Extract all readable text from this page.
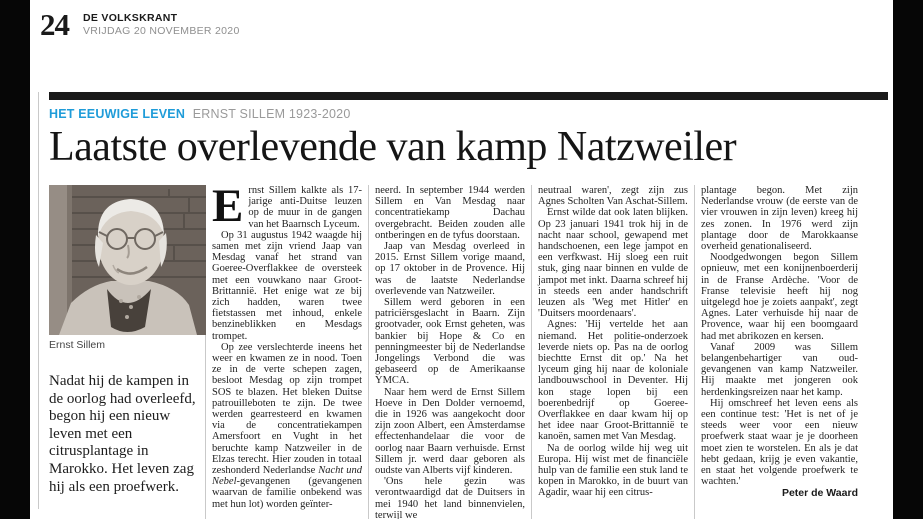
24 DE VOLKSKRANT
VRIJDAG 20 NOVEMBER 2020
HET EEUWIGE LEVEN ERNST SILLEM 1923-2020
Laatste overlevende van kamp Natzweiler
Ernst Sillem
Nadat hij de kampen in de oorlog had overleefd, begon hij een nieuw leven met een citrusplantage in Marokko. Het leven zag hij als een proefwerk.

Ernst Sillem kalkte als 17-jarige anti-Duitse leuzen op de muur in de gangen van het Baarnsch Lyceum.

Op 31 augustus 1942 waagde hij samen met zijn vriend Jaap van Mesdag vanaf het strand van Goeree-Overflakkee de oversteek met een vouwkano naar Groot-Brittannië. Het enige wat ze bij zich hadden, waren twee fietstassen met inhoud, enkele benzineblikken en Mesdags trompet.

Op zee verslechterde ineens het weer en kwamen ze in nood. Toen ze in de verte schepen zagen, besloot Mesdag op zijn trompet SOS te blazen. Het bleken Duitse patrouilleboten te zijn. De twee werden gearresteerd en kwamen via de concentratiekampen Amersfoort en Vught in het beruchte kamp Natzweiler in de Elzas terecht. Hier zouden in totaal zeshonderd Nederlandse Nacht und Nebel-gevangenen (gevangenen waarvan de familie onbekend was met hun lot) worden geïnter-

neerd. In september 1944 werden Sillem en Van Mesdag naar concentratiekamp Dachau overgebracht. Beiden zouden alle ontberingen en de tyfus doorstaan.

Jaap van Mesdag overleed in 2015. Ernst Sillem vorige maand, op 17 oktober in de Provence. Hij was de laatste Nederlandse overlevende van Natzweiler.

Sillem werd geboren in een patriciërsgeslacht in Baarn. Zijn grootvader, ook Ernst geheten, was bankier bij Hope & Co en penningmeester bij de Nederlandse Jongelings Verbond die was gebaseerd op de Amerikaanse YMCA.

Naar hem werd de Ernst Sillem Hoeve in Den Dolder vernoemd, die in 1926 was aangekocht door zijn zoon Albert, een Amsterdamse effectenhandelaar die voor de oorlog naar Baarn verhuisde. Ernst Sillem jr. werd daar geboren als oudste van Alberts vijf kinderen.

'Ons hele gezin was verontwaardigd dat de Duitsers in mei 1940 het land binnenvielen, terwijl we

neutraal waren', zegt zijn zus Agnes Scholten Van Aschat-Sillem.

Ernst wilde dat ook laten blijken. Op 23 januari 1941 trok hij in de nacht naar school, gewapend met handschoenen, een lege jampot en een verfkwast. Hij sloeg een ruit stuk, ging naar binnen en vulde de jampot met inkt. Daarna schreef hij in steeds een ander handschrift leuzen als 'Weg met Hitler' en 'Duitsers moordenaars'.

Agnes: 'Hij vertelde het aan niemand. Het politie-onderzoek leverde niets op. Pas na de oorlog biechtte Ernst dit op.' Na het lyceum ging hij naar de koloniale landbouwschool in Deventer. Hij kon stage lopen bij een boerenbedrijf op Goeree-Overflakkee en daar kwam hij op het idee naar Groot-Brittannië te kanoën, samen met Van Mesdag.

Na de oorlog wilde hij weg uit Europa. Hij wist met de financiële hulp van de familie een stuk land te kopen in Marokko, in de buurt van Agadir, waar hij een citrus-

plantage begon. Met zijn Nederlandse vrouw (de eerste van de vier vrouwen in zijn leven) kreeg hij zes zonen. In 1976 werd zijn plantage door de Marokkaanse overheid genationaliseerd.

Noodgedwongen begon Sillem opnieuw, met een konijnenboerderij in de Franse Ardèche. 'Voor de Franse televisie heeft hij nog uitgelegd hoe je zoiets aanpakt', zegt Agnes. Later verhuisde hij naar de Provence, waar hij een boomgaard had met abrikozen en kersen.

Vanaf 2009 was Sillem belangenbehartiger van oud-gevangenen van kamp Natzweiler. Hij maakte met jongeren ook herdenkingsreizen naar het kamp.

Hij omschreef het leven eens als een continue test: 'Het is net of je steeds weer voor een nieuw proefwerk staat waar je je doorheen moet zien te worstelen. En als je dat hebt gedaan, krijg je even vakantie, en staat het volgende proefwerk te wachten.'

Peter de Waard
